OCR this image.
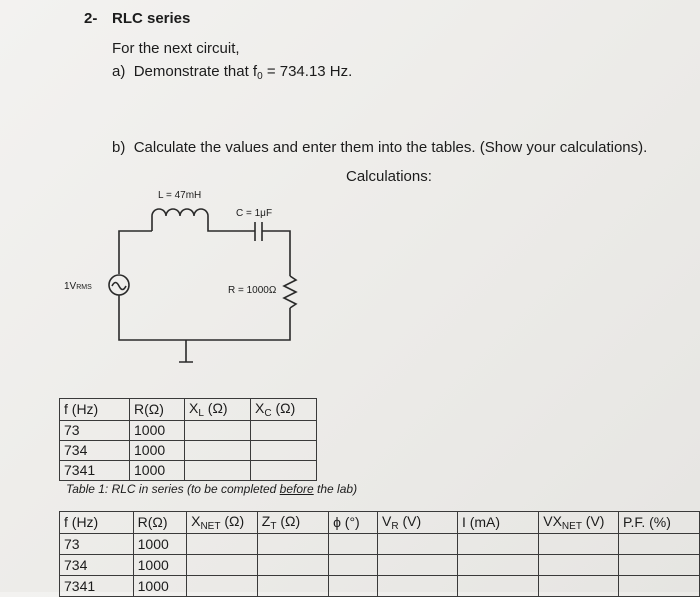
2- RLC series
For the next circuit,
a) Demonstrate that $f_0 = 734.13$ Hz.
b) Calculate the values and enter them into the tables. (Show your calculations).
Calculations:
L = 47mH
C = 1μF
R = 1000Ω
1VRMS
f (Hz)	R(Ω)	$X_L$ (Ω)	$X_C$ (Ω)
73	1000		
734	1000		
7341	1000		
Table 1: RLC in series (to be completed before the lab)
f (Hz)	R(Ω)	$X_{NET}$ (Ω)	$Z_T$ (Ω)	ϕ (°)	$V_R$ (V)	I (mA)	$VX_{NET}$ (V)	P.F. (%)
73	1000							
734	1000							
7341	1000							
